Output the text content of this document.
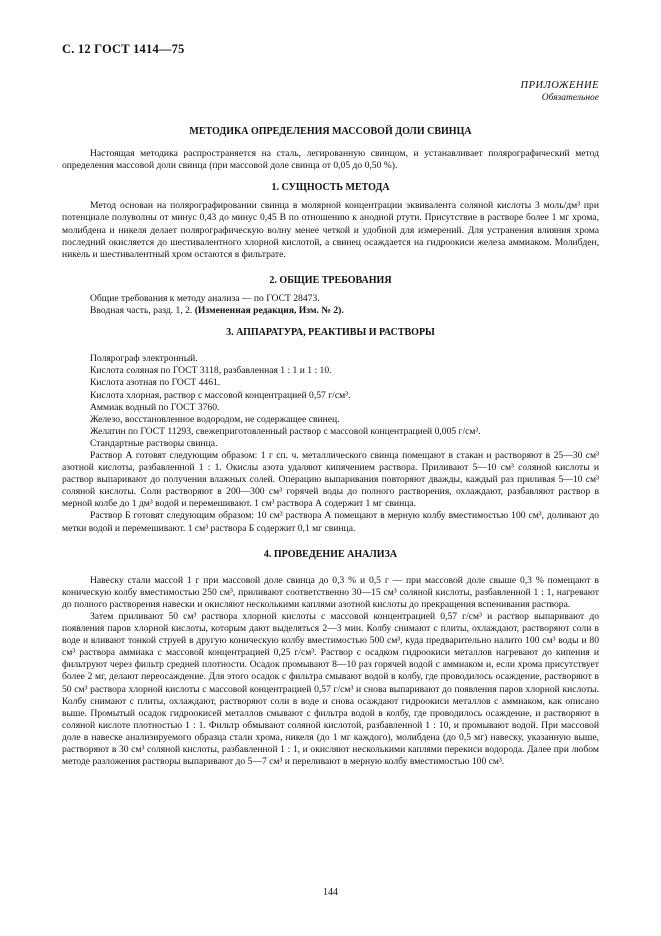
С. 12 ГОСТ 1414—75
ПРИЛОЖЕНИЕ
Обязательное
МЕТОДИКА ОПРЕДЕЛЕНИЯ МАССОВОЙ ДОЛИ СВИНЦА

Настоящая методика распространяется на сталь, легированную свинцом, и устанавливает полярографический метод определения массовой доли свинца (при массовой доле свинца от 0,05 до 0,50 %).

1. СУЩНОСТЬ МЕТОДА

Метод основан на полярографировании свинца в молярной концентрации эквивалента соляной кислоты 3 моль/дм³ при потенциале полуволны от минус 0,43 до минус 0,45 В по отношению к анодной ртути. Присутствие в растворе более 1 мг хрома, молибдена и никеля делает полярографическую волну менее четкой и удобной для измерений. Для устранения влияния хрома последний окисляется до шестивалентного хлорной кислотой, а свинец осаждается на гидроокиси железа аммиаком. Молибден, никель и шестивалентный хром остаются в фильтрате.

2. ОБЩИЕ ТРЕБОВАНИЯ

Общие требования к методу анализа — по ГОСТ 28473.

Вводная часть, разд. 1, 2. (Измененная редакция, Изм. № 2).

3. АППАРАТУРА, РЕАКТИВЫ И РАСТВОРЫ

Полярограф электронный.

Кислота соляная по ГОСТ 3118, разбавленная 1 : 1 и 1 : 10.

Кислота азотная по ГОСТ 4461.

Кислота хлорная, раствор с массовой концентрацией 0,57 г/см³.

Аммиак водный по ГОСТ 3760.

Железо, восстановленное водородом, не содержащее свинец.

Желатин по ГОСТ 11293, свежеприготовленный раствор с массовой концентрацией 0,005 г/см³.

Стандартные растворы свинца.

Раствор А готовят следующим образом: 1 г сп. ч. металлического свинца помещают в стакан и растворяют в 25—30 см³ азотной кислоты, разбавленной 1 : 1. Окислы азота удаляют кипячением раствора. Приливают 5—10 см³ соляной кислоты и раствор выпаривают до получения влажных солей. Операцию выпаривания повторяют дважды, каждый раз приливая 5—10 см³ соляной кислоты. Соли растворяют в 200—300 см³ горячей воды до полного растворения, охлаждают, разбавляют раствор в мерной колбе до 1 дм³ водой и перемешивают. 1 см³ раствора А содержит 1 мг свинца.

Раствор Б готовят следующим образом: 10 см³ раствора А помещают в мерную колбу вместимостью 100 см³, доливают до метки водой и перемешивают. 1 см³ раствора Б содержит 0,1 мг свинца.

4. ПРОВЕДЕНИЕ АНАЛИЗА

Навеску стали массой 1 г при массовой доле свинца до 0,3 % и 0,5 г — при массовой доле свыше 0,3 % помещают в коническую колбу вместимостью 250 см³, приливают соответственно 30—15 см³ соляной кислоты, разбавленной 1 : 1, нагревают до полного растворения навески и окисляют несколькими каплями азотной кислоты до прекращения вспенивания раствора.

Затем приливают 50 см³ раствора хлорной кислоты с массовой концентрацией 0,57 г/см³ и раствор выпаривают до появления паров хлорной кислоты, которым дают выделяться 2—3 мин. Колбу снимают с плиты, охлаждают, растворяют соли в воде и вливают тонкой струей в другую коническую колбу вместимостью 500 см³, куда предварительно налито 100 см³ воды и 80 см³ раствора аммиака с массовой концентрацией 0,25 г/см³. Раствор с осадком гидроокиси металлов нагревают до кипения и фильтруют через фильтр средней плотности. Осадок промывают 8—10 раз горячей водой с аммиаком и, если хрома присутствует более 2 мг, делают переосаждение. Для этого осадок с фильтра смывают водой в колбу, где проводилось осаждение, растворяют в 50 см³ раствора хлорной кислоты с массовой концентрацией 0,57 г/см³ и снова выпаривают до появления паров хлорной кислоты. Колбу снимают с плиты, охлаждают, растворяют соли в воде и снова осаждают гидроокиси металлов с аммиаком, как описано выше. Промытый осадок гидроокисей металлов смывают с фильтра водой в колбу, где проводилось осаждение, и растворяют в соляной кислоте плотностью 1 : 1. Фильтр обмывают соляной кислотой, разбавленной 1 : 10, и промывают водой. При массовой доле в навеске анализируемого образца стали хрома, никеля (до 1 мг каждого), молибдена (до 0,5 мг) навеску, указанную выше, растворяют в 30 см³ соляной кислоты, разбавленной 1 : 1, и окисляют несколькими каплями перекиси водорода. Далее при любом методе разложения растворы выпаривают до 5—7 см³ и переливают в мерную колбу вместимостью 100 см³.

144
